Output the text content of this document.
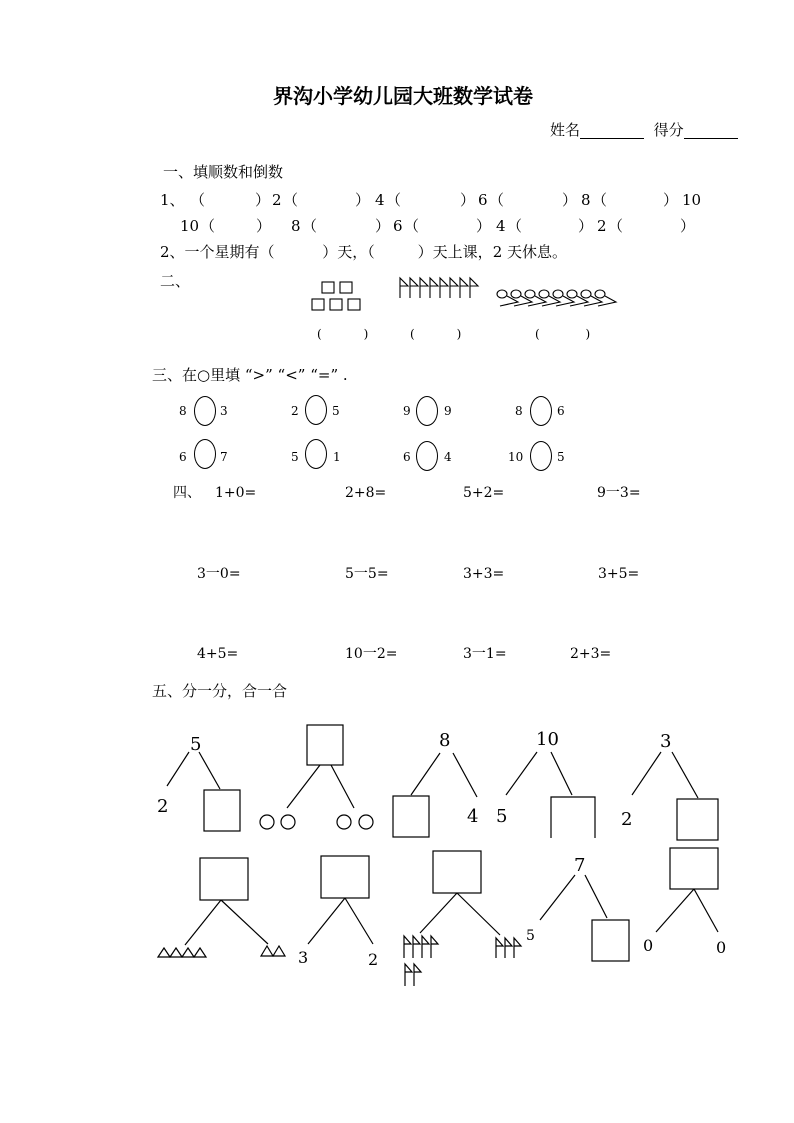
界沟小学幼儿园大班数学试卷
姓名	得分
一、填顺数和倒数
1、 （	） 2 （	） 4 （	） 6 （	） 8 （	） 10
10 （	） 8 （	） 6 （	） 4 （	） 2 （	）
2、一个星期有（          ）天，（         ）天上课，2 天休息。
二、
(           )	(           )	(            )
三、在○里填 “>” “<” “=” .
8	3	2	5	9	9	8	6
6	7	5	1	6	4	10	5
四、 1+0=	2+8=	5+2=	9一3=
3一0=	5一5=	3+3=	3+5=
4+5=	10一2=	3一1=	2+3=
五、分一分，合一合
5
2
8
4
10
5
3
2
3	2
7
5	0	0
